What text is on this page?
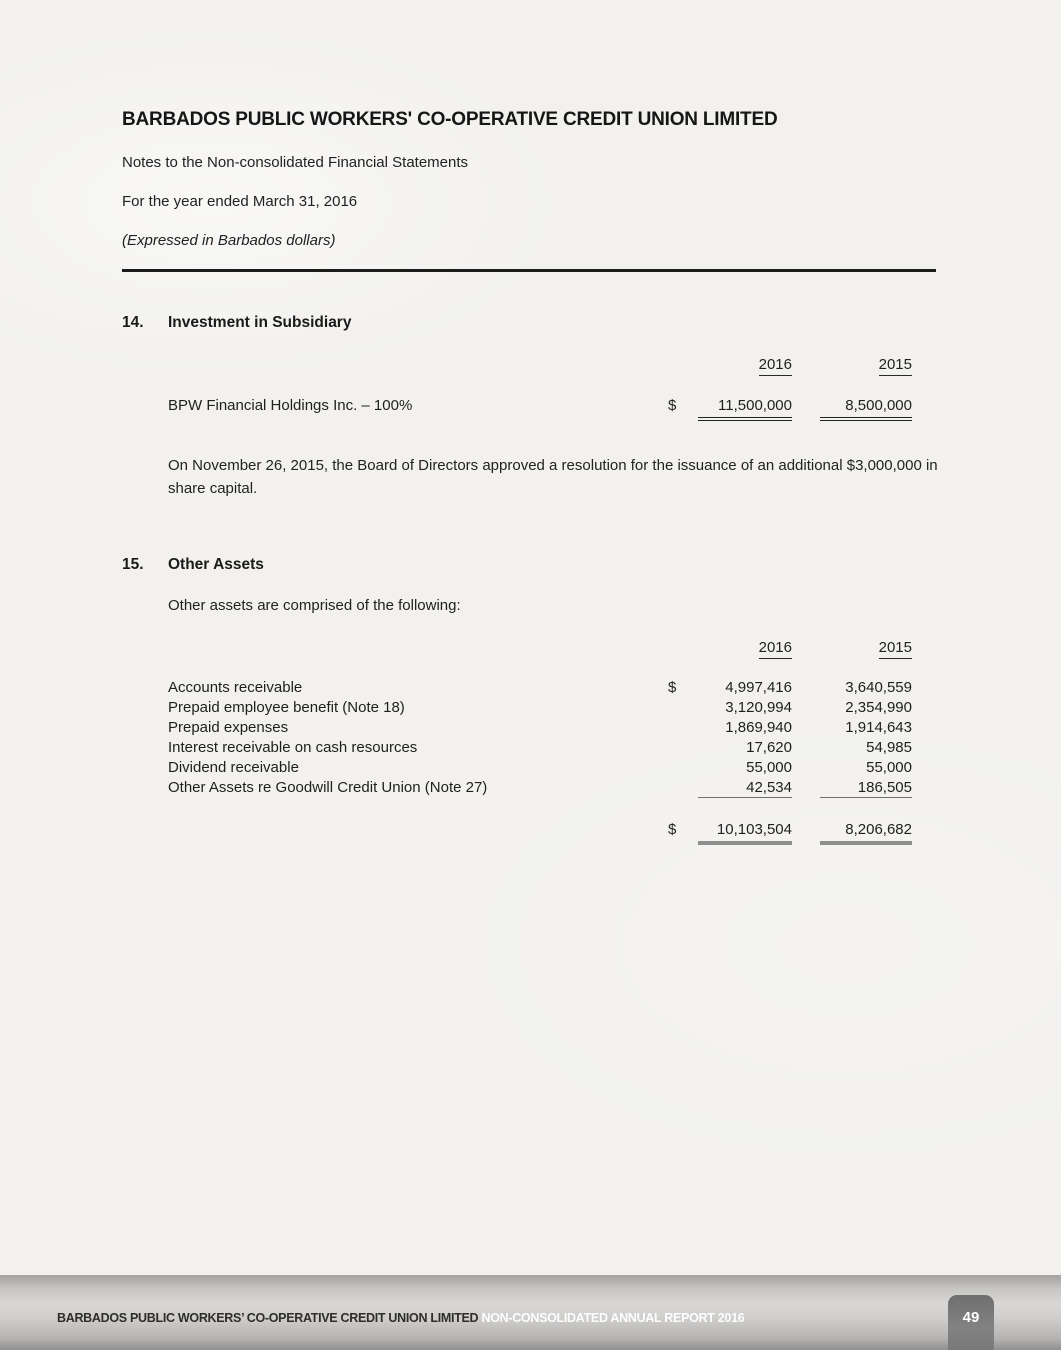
BARBADOS PUBLIC WORKERS' CO-OPERATIVE CREDIT UNION LIMITED
Notes to the Non-consolidated Financial Statements
For the year ended March 31, 2016
(Expressed in Barbados dollars)
14.	Investment in Subsidiary
2016	2015
BPW Financial Holdings Inc. – 100%	$	11,500,000	8,500,000
On November 26, 2015, the Board of Directors approved a resolution for the issuance of an additional $3,000,000 in share capital.
15.	Other Assets
Other assets are comprised of the following:
2016	2015
Accounts receivable	$	4,997,416	3,640,559
Prepaid employee benefit (Note 18)	3,120,994	2,354,990
Prepaid expenses	1,869,940	1,914,643
Interest receivable on cash resources	17,620	54,985
Dividend receivable	55,000	55,000
Other Assets re Goodwill Credit Union (Note 27)	42,534	186,505
$	10,103,504	8,206,682
BARBADOS PUBLIC WORKERS’ CO-OPERATIVE CREDIT UNION LIMITED NON-CONSOLIDATED ANNUAL REPORT 2016	49
